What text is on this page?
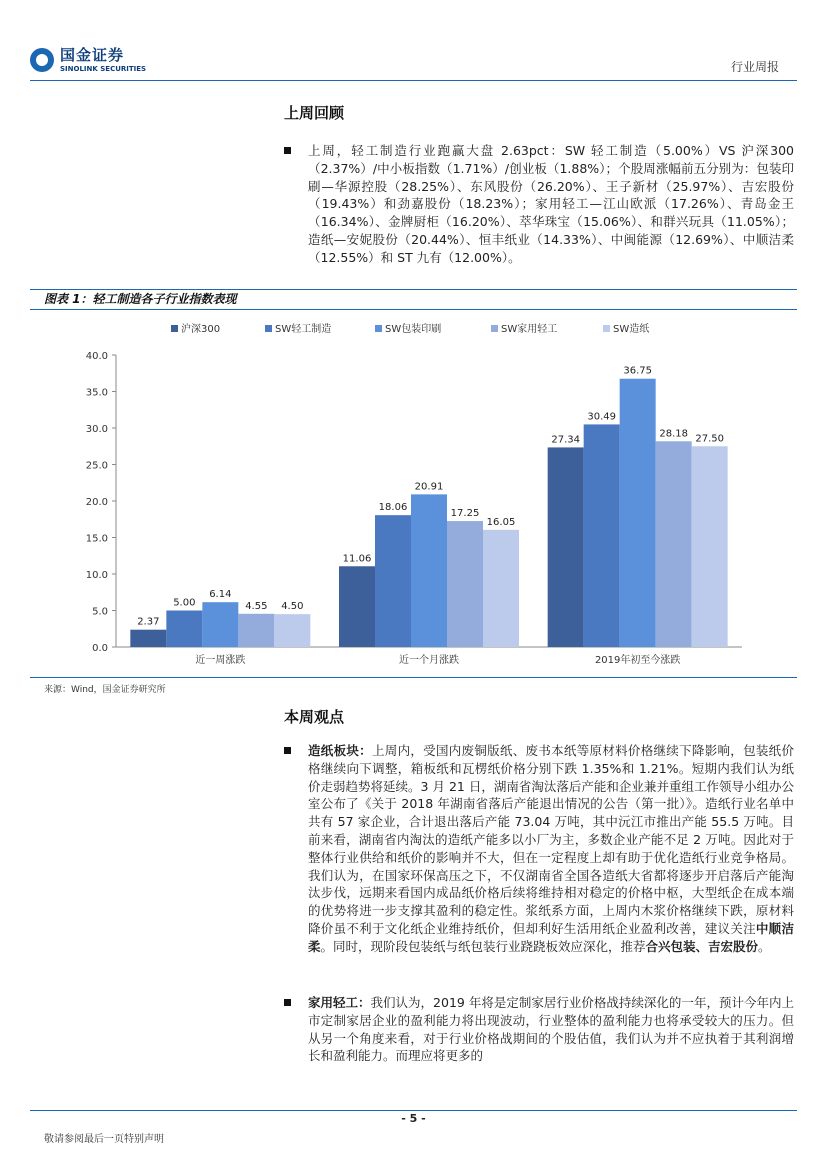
国金证券
SINOLINK SECURITIES	行业周报
上周回顾
上周，轻工制造行业跑赢大盘 2.63pct：SW 轻工制造（5.00%）VS 沪深300（2.37%）/中小板指数（1.71%）/创业板（1.88%）；个股周涨幅前五分别为：包装印刷—华源控股（28.25%）、东风股份（26.20%）、王子新材（25.97%）、吉宏股份（19.43%）和劲嘉股份（18.23%）；家用轻工—江山欧派（17.26%）、青岛金王（16.34%）、金牌厨柜（16.20%）、萃华珠宝（15.06%）、和群兴玩具（11.05%）；造纸—安妮股份（20.44%）、恒丰纸业（14.33%）、中闽能源（12.69%）、中顺洁柔（12.55%）和 ST 九有（12.00%）。
图表 1：轻工制造各子行业指数表现
0.0
5.0
10.0
15.0
20.0
25.0
30.0
35.0
40.0
沪深300	SW轻工制造	SW包装印刷	SW家用轻工	SW造纸
2.37
5.00
6.14
4.55 4.50
近一周涨跌
11.06
18.06
20.91
17.25
16.05
近一个月涨跌
27.34
30.49
36.75
28.18 27.50
2019年初至今涨跌
来源：Wind，国金证券研究所
本周观点
造纸板块：上周内，受国内废铜版纸、废书本纸等原材料价格继续下降影响，包装纸价格继续向下调整，箱板纸和瓦楞纸价格分别下跌 1.35%和 1.21%。短期内我们认为纸价走弱趋势将延续。3 月 21 日，湖南省淘汰落后产能和企业兼并重组工作领导小组办公室公布了《关于 2018 年湖南省落后产能退出情况的公告（第一批）》。造纸行业名单中共有 57 家企业，合计退出落后产能 73.04 万吨，其中沅江市推出产能 55.5 万吨。目前来看，湖南省内淘汰的造纸产能多以小厂为主，多数企业产能不足 2 万吨。因此对于整体行业供给和纸价的影响并不大，但在一定程度上却有助于优化造纸行业竞争格局。我们认为，在国家环保高压之下，不仅湖南省全国各造纸大省都将逐步开启落后产能淘汰步伐，远期来看国内成品纸价格后续将维持相对稳定的价格中枢，大型纸企在成本端的优势将进一步支撑其盈利的稳定性。浆纸系方面，上周内木浆价格继续下跌，原材料降价虽不利于文化纸企业维持纸价，但却利好生活用纸企业盈利改善，建议关注中顺洁柔。同时，现阶段包装纸与纸包装行业跷跷板效应深化，推荐合兴包装、吉宏股份。
家用轻工：我们认为，2019 年将是定制家居行业价格战持续深化的一年，预计今年内上市定制家居企业的盈利能力将出现波动，行业整体的盈利能力也将承受较大的压力。但从另一个角度来看，对于行业价格战期间的个股估值，我们认为并不应执着于其利润增长和盈利能力。而理应将更多的
- 5 -
敬请参阅最后一页特别声明
